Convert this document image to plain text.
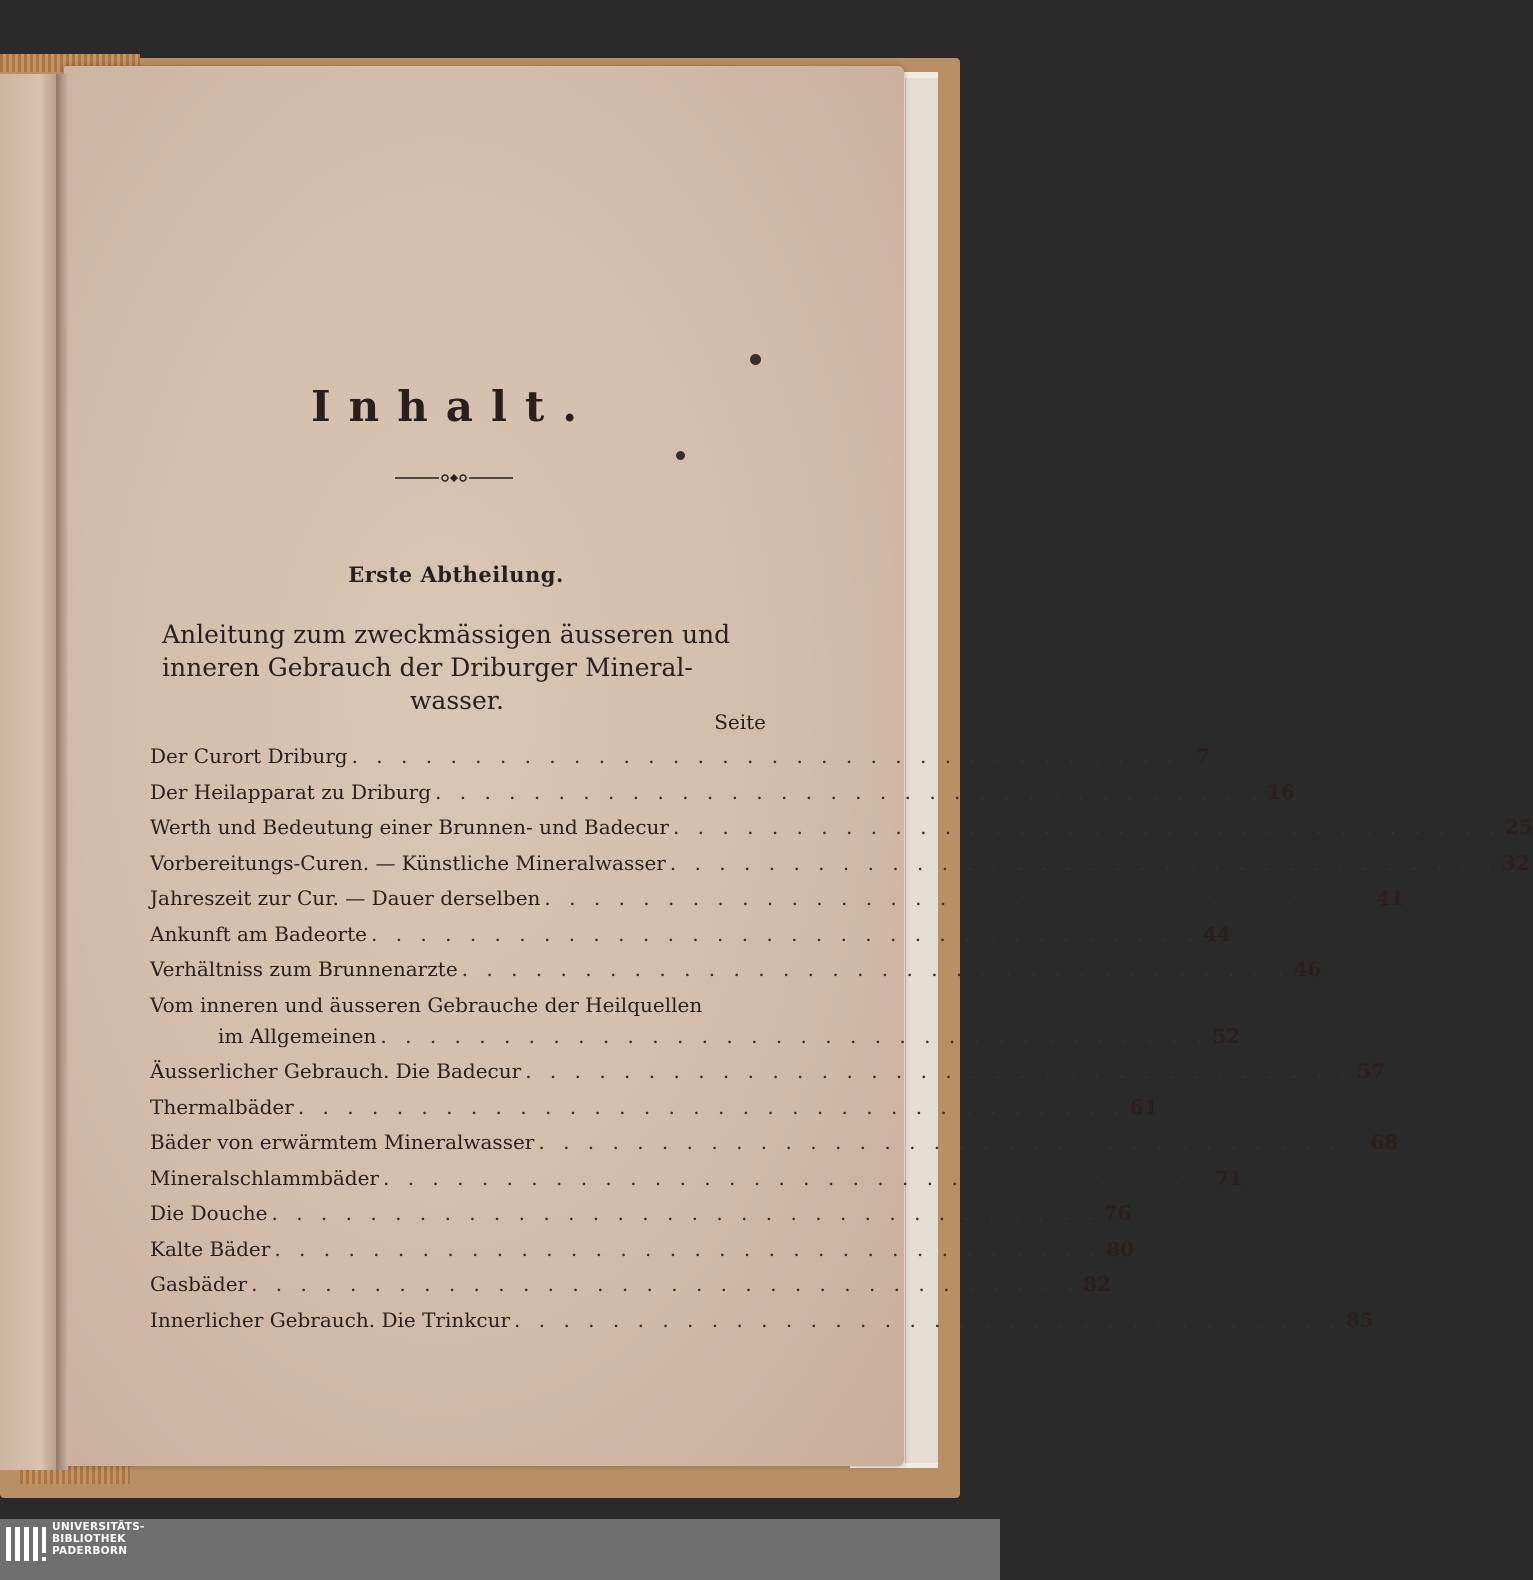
Inhalt.
Erste Abtheilung.
Anleitung zum zweckmässigen äusseren und
inneren Gebrauch der Driburger Mineral-

wasser.
Seite
Der Curort Driburg . . . . . . . . . . . . . . . . . . . . . . . . . . . . . . . . . . 7
Der Heilapparat zu Driburg . . . . . . . . . . . . . . . . . . . . . . . . . . . . . . . . . . 16
Werth und Bedeutung einer Brunnen- und Badecur . . . . . . . . . . . . . . . . . . . . . . . . . . . . . . . . . . 25
Vorbereitungs-Curen. — Künstliche Mineralwasser . . . . . . . . . . . . . . . . . . . . . . . . . . . . . . . . . . 32
Jahreszeit zur Cur. — Dauer derselben . . . . . . . . . . . . . . . . . . . . . . . . . . . . . . . . . . 41
Ankunft am Badeorte . . . . . . . . . . . . . . . . . . . . . . . . . . . . . . . . . . 44
Verhältniss zum Brunnenarzte . . . . . . . . . . . . . . . . . . . . . . . . . . . . . . . . . . 46
Vom inneren und äusseren Gebrauche der Heilquellen
im Allgemeinen . . . . . . . . . . . . . . . . . . . . . . . . . . . . . . . . . . 52
Äusserlicher Gebrauch. Die Badecur . . . . . . . . . . . . . . . . . . . . . . . . . . . . . . . . . . 57
Thermalbäder . . . . . . . . . . . . . . . . . . . . . . . . . . . . . . . . . . 61
Bäder von erwärmtem Mineralwasser . . . . . . . . . . . . . . . . . . . . . . . . . . . . . . . . . . 68
Mineralschlammbäder . . . . . . . . . . . . . . . . . . . . . . . . . . . . . . . . . . 71
Die Douche . . . . . . . . . . . . . . . . . . . . . . . . . . . . . . . . . . 76
Kalte Bäder . . . . . . . . . . . . . . . . . . . . . . . . . . . . . . . . . . 80
Gasbäder . . . . . . . . . . . . . . . . . . . . . . . . . . . . . . . . . . 82
Innerlicher Gebrauch. Die Trinkcur . . . . . . . . . . . . . . . . . . . . . . . . . . . . . . . . . . 85
UNIVERSITÄTS-
BIBLIOTHEK
PADERBORN
